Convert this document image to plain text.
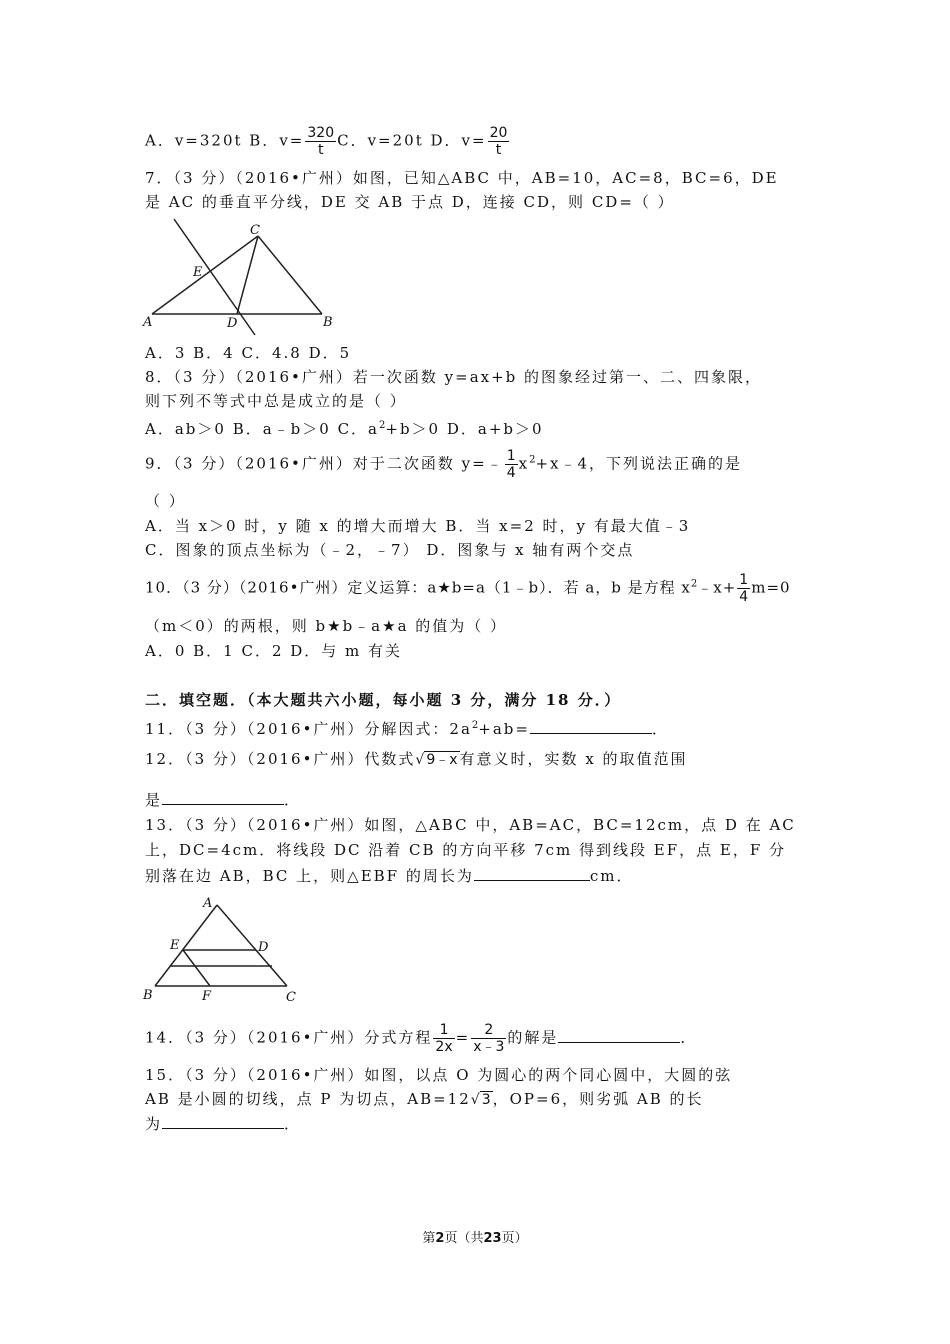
A．v=320t B．$v= \frac{320}{t}$ C．v=20t D．$v= \frac{20}{t}$
7．（3 分）（2016•广州）如图，已知△ABC 中，AB=10，AC=8，BC=6，DE
是 AC 的垂直平分线，DE 交 AB 于点 D，连接 CD，则 CD=（ ）
A	B
C
D
E
A．3 B．4 C．4.8 D．5
8．（3 分）（2016•广州）若一次函数 y=ax+b 的图象经过第一、二、四象限，
则下列不等式中总是成立的是（ ）
A．ab＞0 B．a﹣b＞0 C．$a^2+b>0$ D．a+b＞0
9．（3 分）（2016•广州）对于二次函数 y=﹣ $\frac{1}{4}$ $x^2+x﹣4$，下列说法正确的是
（ ）
A．当 x＞0 时，y 随 x 的增大而增大 B．当 x=2 时，y 有最大值﹣3
C．图象的顶点坐标为（﹣2，﹣7） D．图象与 x 轴有两个交点
10．（3 分）（2016•广州）定义运算：a★b=a（1﹣b）．若 a，b 是方程 $x^2﹣x+ \frac{1}{4} m=0$
（m＜0）的两根，则 b★b﹣a★a 的值为（ ）
A．0 B．1 C．2 D．与 m 有关
二．填空题．（本大题共六小题，每小题 3 分，满分 18 分．）
11．（3 分）（2016•广州）分解因式：$2a^2+ab=$	．
12．（3 分）（2016•广州）代数式√ 9﹣x 有意义时，实数 x 的取值范围
是	．
13．（3 分）（2016•广州）如图，△ABC 中，AB=AC，BC=12cm，点 D 在 AC
上，DC=4cm．将线段 DC 沿着 CB 的方向平移 7cm 得到线段 EF，点 E，F 分
别落在边 AB，BC 上，则△EBF 的周长为	cm．
A
B	C
D
E
F
14．（3 分）（2016•广州）分式方程 $\frac{1}{2x} = \frac{2}{x﹣3}$ 的解是	．
15．（3 分）（2016•广州）如图，以点 O 为圆心的两个同心圆中，大圆的弦
AB 是小圆的切线，点 P 为切点，AB=12√ 3 ，OP=6，则劣弧 AB 的长
为	．
第2页（共23页）
